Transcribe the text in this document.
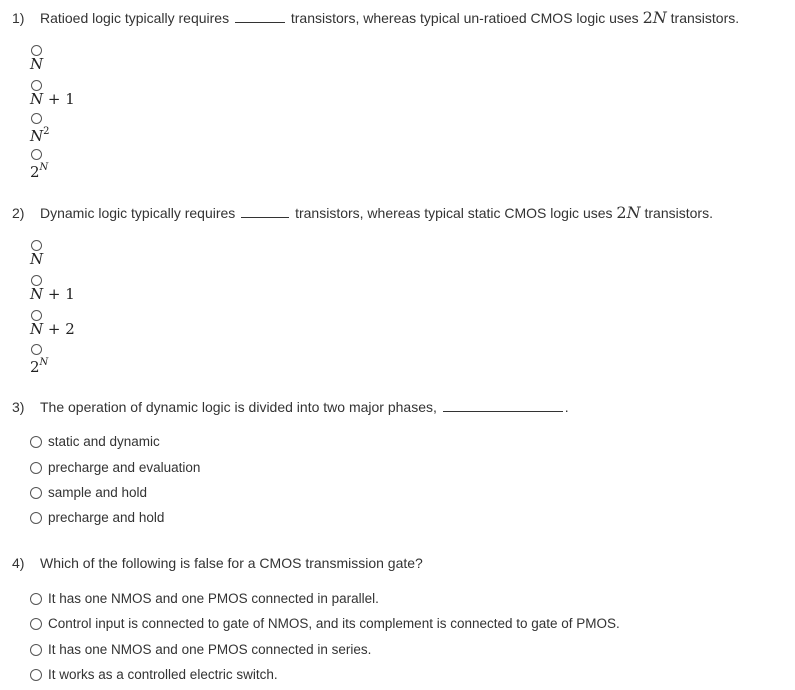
1) Ratioed logic typically requires	transistors, whereas typical un-ratioed CMOS logic uses 2N transistors.
N
N + 1
$N^2$
$2^N$
2) Dynamic logic typically requires	transistors, whereas typical static CMOS logic uses 2N transistors.
N
N + 1
N + 2
$2^N$
3) The operation of dynamic logic is divided into two major phases,	.
static and dynamic
precharge and evaluation
sample and hold
precharge and hold
4) Which of the following is false for a CMOS transmission gate?
It has one NMOS and one PMOS connected in parallel.
Control input is connected to gate of NMOS, and its complement is connected to gate of PMOS.
It has one NMOS and one PMOS connected in series.
It works as a controlled electric switch.
